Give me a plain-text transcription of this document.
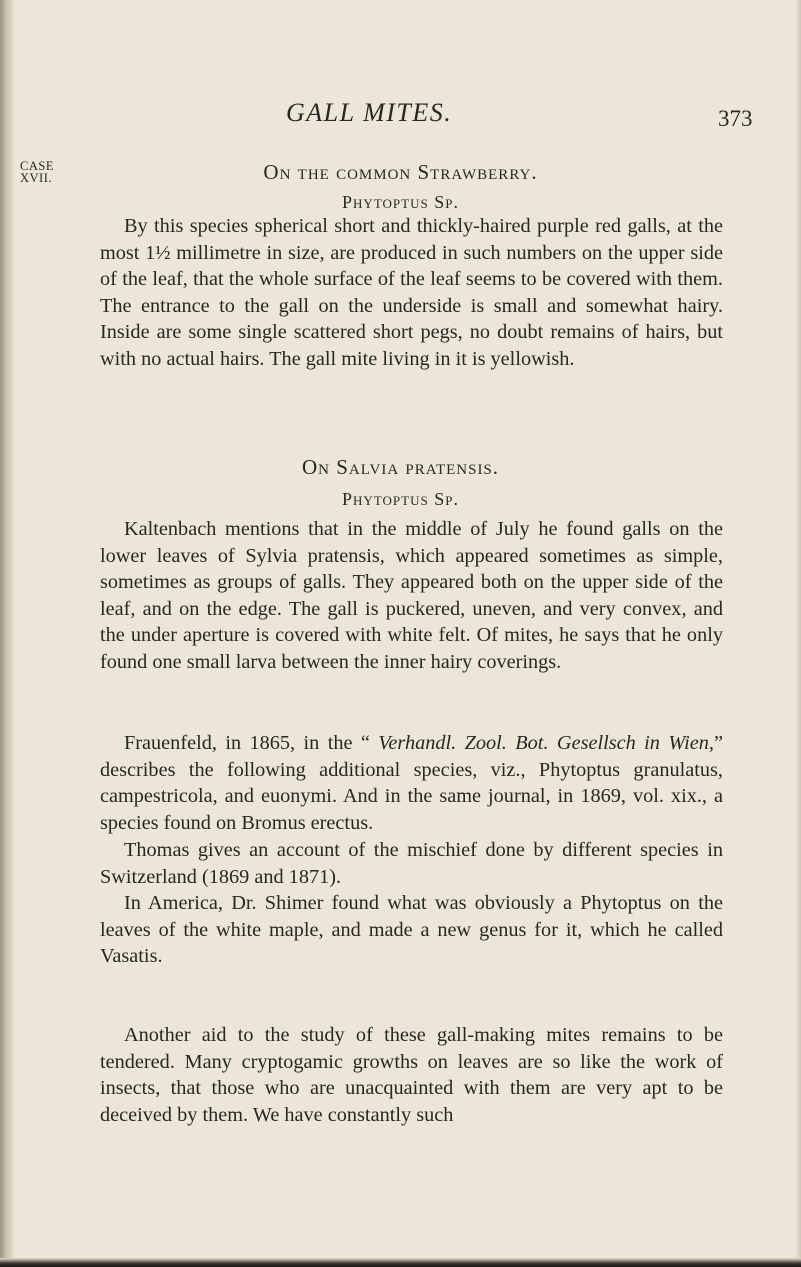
GALL MITES.	373
CASE
XVII.	On the common Strawberry.
Phytoptus Sp.

By this species spherical short and thickly-haired purple red galls, at the most 1½ millimetre in size, are produced in such numbers on the upper side of the leaf, that the whole surface of the leaf seems to be covered with them. The entrance to the gall on the underside is small and somewhat hairy. Inside are some single scattered short pegs, no doubt remains of hairs, but with no actual hairs. The gall mite living in it is yellowish.

On Salvia pratensis.
Phytoptus Sp.

Kaltenbach mentions that in the middle of July he found galls on the lower leaves of Sylvia pratensis, which appeared sometimes as simple, sometimes as groups of galls. They appeared both on the upper side of the leaf, and on the edge. The gall is puckered, uneven, and very convex, and the under aperture is covered with white felt. Of mites, he says that he only found one small larva between the inner hairy coverings.

Frauenfeld, in 1865, in the “ Verhandl. Zool. Bot. Gesellsch in Wien,” describes the following additional species, viz., Phytoptus granulatus, campestricola, and euonymi. And in the same journal, in 1869, vol. xix., a species found on Bromus erectus.

Thomas gives an account of the mischief done by different species in Switzerland (1869 and 1871).

In America, Dr. Shimer found what was obviously a Phytoptus on the leaves of the white maple, and made a new genus for it, which he called Vasatis.

Another aid to the study of these gall-making mites remains to be tendered. Many cryptogamic growths on leaves are so like the work of insects, that those who are unacquainted with them are very apt to be deceived by them. We have constantly such
